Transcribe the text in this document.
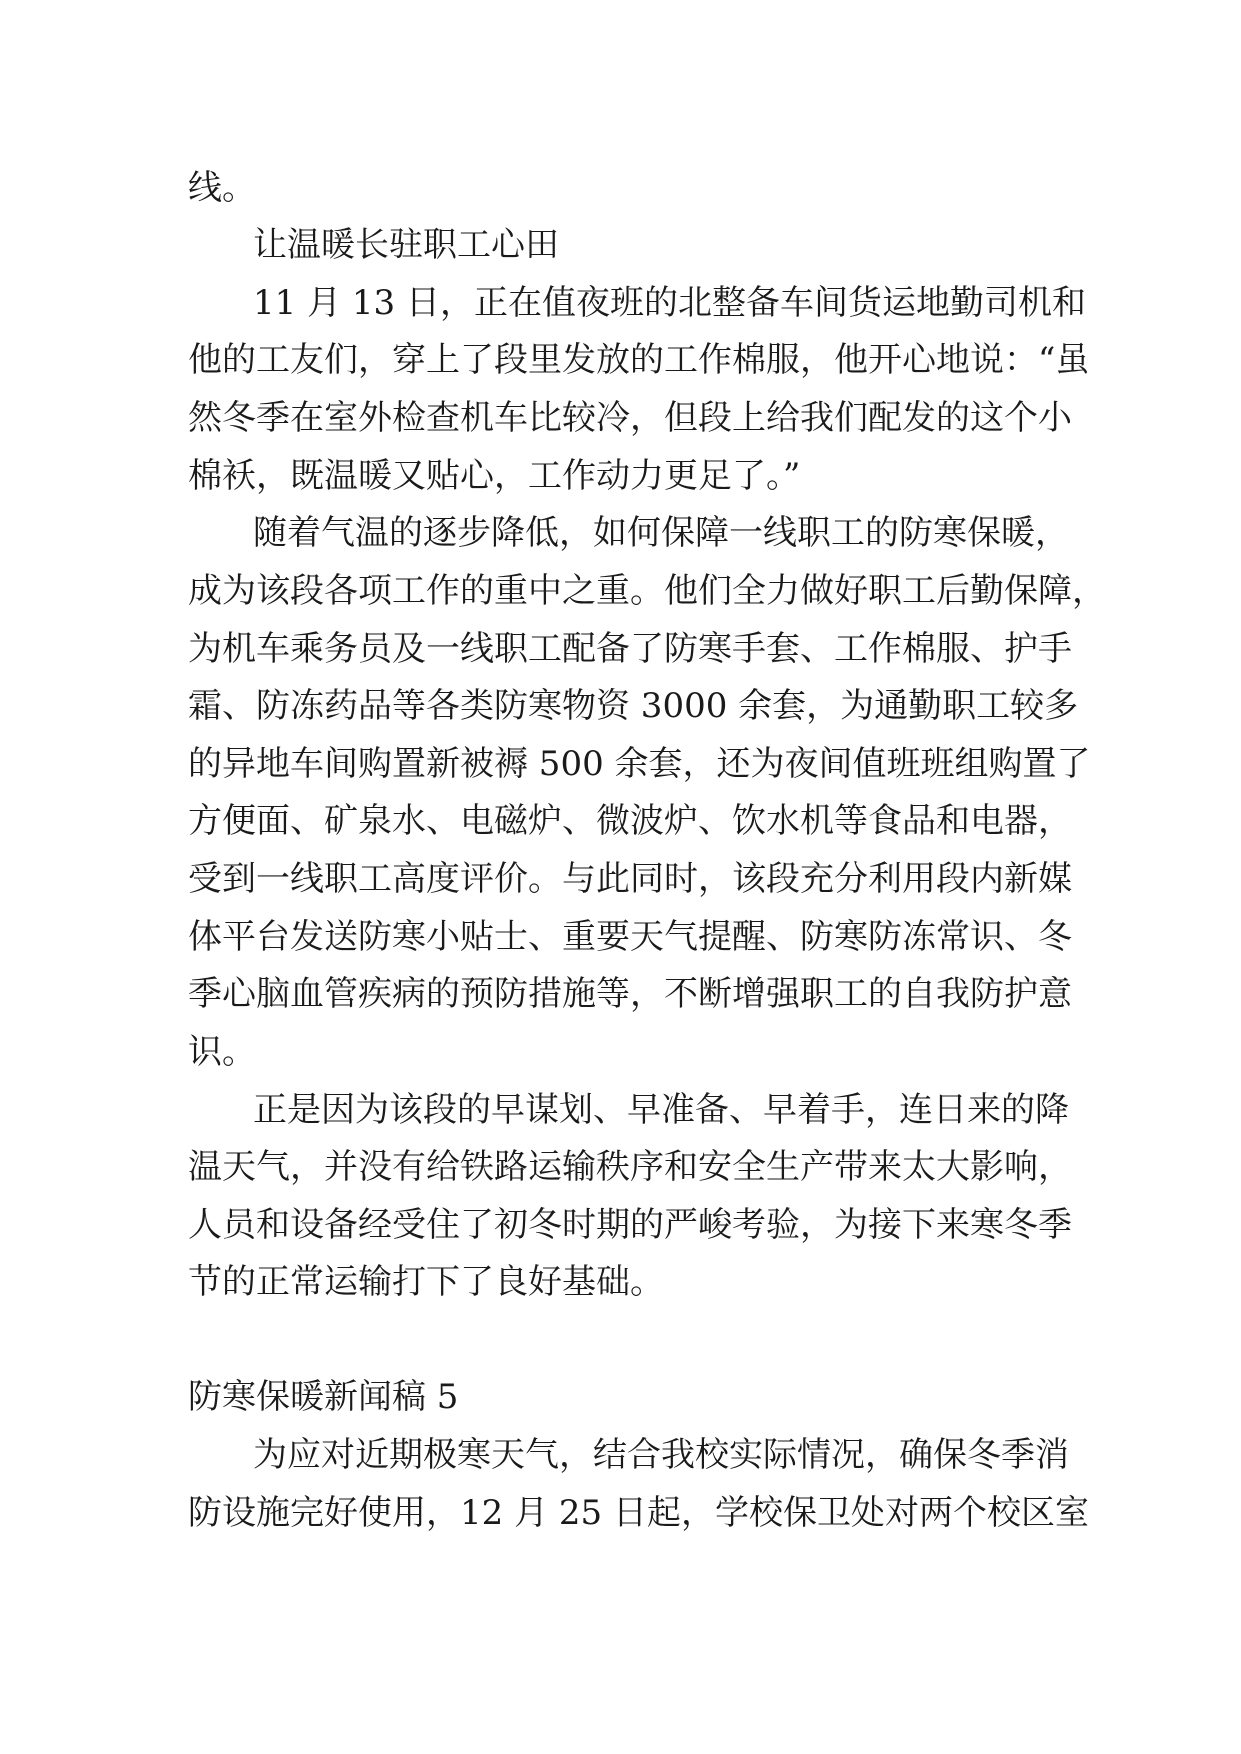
线。
让温暖长驻职工心田
11 月 13 日，正在值夜班的北整备车间货运地勤司机和
他的工友们，穿上了段里发放的工作棉服，他开心地说：“虽
然冬季在室外检查机车比较冷，但段上给我们配发的这个小
棉袄，既温暖又贴心，工作动力更足了。”
随着气温的逐步降低，如何保障一线职工的防寒保暖，
成为该段各项工作的重中之重。他们全力做好职工后勤保障，
为机车乘务员及一线职工配备了防寒手套、工作棉服、护手
霜、防冻药品等各类防寒物资 3000 余套，为通勤职工较多
的异地车间购置新被褥 500 余套，还为夜间值班班组购置了
方便面、矿泉水、电磁炉、微波炉、饮水机等食品和电器，
受到一线职工高度评价。与此同时，该段充分利用段内新媒
体平台发送防寒小贴士、重要天气提醒、防寒防冻常识、冬
季心脑血管疾病的预防措施等，不断增强职工的自我防护意
识。
正是因为该段的早谋划、早准备、早着手，连日来的降
温天气，并没有给铁路运输秩序和安全生产带来太大影响，
人员和设备经受住了初冬时期的严峻考验，为接下来寒冬季
节的正常运输打下了良好基础。
防寒保暖新闻稿 5
为应对近期极寒天气，结合我校实际情况，确保冬季消
防设施完好使用，12 月 25 日起，学校保卫处对两个校区室
